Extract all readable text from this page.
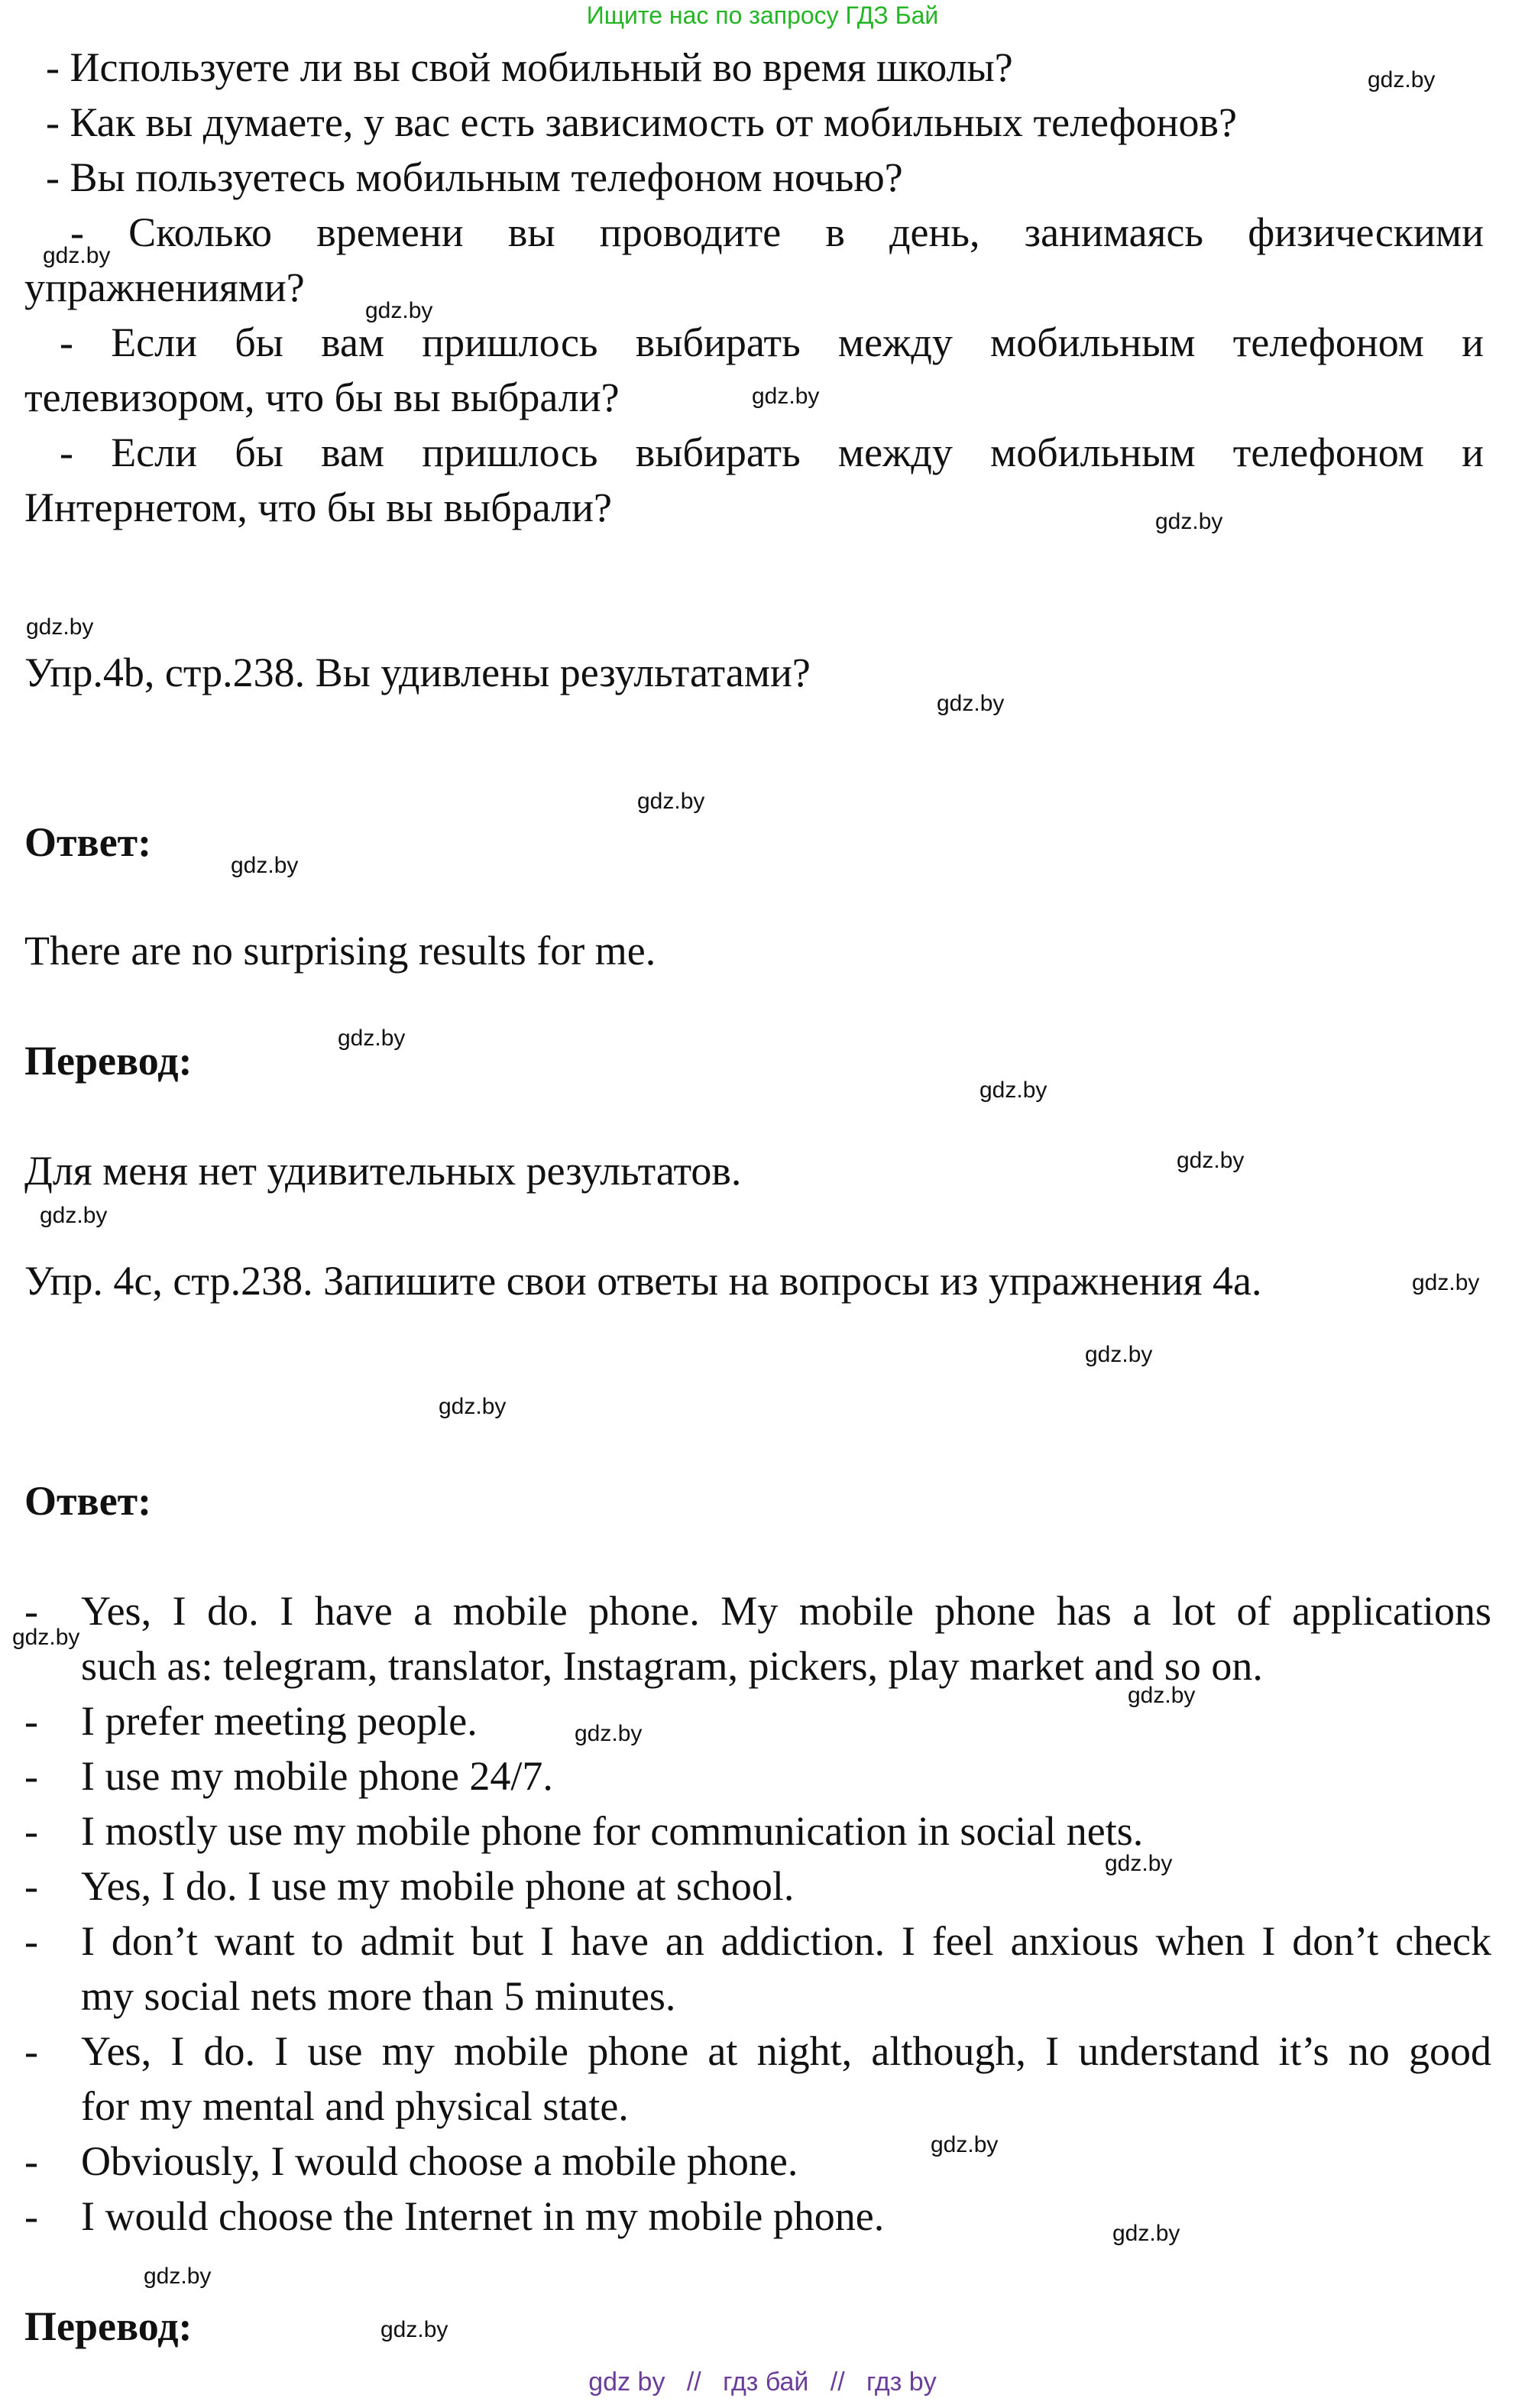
Ищите нас по запросу ГДЗ Бай
- Используете ли вы свой мобильный во время школы?
- Как вы думаете, у вас есть зависимость от мобильных телефонов?
- Вы пользуетесь мобильным телефоном ночью?
- Сколько времени вы проводите в день, занимаясь физическими
упражнениями?
- Если бы вам пришлось выбирать между мобильным телефоном и
телевизором, что бы вы выбрали?
- Если бы вам пришлось выбирать между мобильным телефоном и
Интернетом, что бы вы выбрали?
Упр.4b, стр.238. Вы удивлены результатами?
Ответ:
There are no surprising results for me.
Перевод:
Для меня нет удивительных результатов.
Упр. 4c, стр.238. Запишите свои ответы на вопросы из упражнения 4a.
Ответ:
- Yes, I do. I have a mobile phone. My mobile phone has a lot of applications
such as: telegram, translator, Instagram, pickers, play market and so on.
- I prefer meeting people.
- I use my mobile phone 24/7.
- I mostly use my mobile phone for communication in social nets.
- Yes, I do. I use my mobile phone at school.
- I don’t want to admit but I have an addiction. I feel anxious when I don’t check
my social nets more than 5 minutes.
- Yes, I do. I use my mobile phone at night, although, I understand it’s no good
for my mental and physical state.
- Obviously, I would choose a mobile phone.
- I would choose the Internet in my mobile phone.
Перевод:
gdz.by
gdz.by
gdz.by
gdz.by
gdz.by
gdz.by
gdz.by
gdz.by
gdz.by
gdz.by
gdz.by
gdz.by
gdz.by
gdz.by
gdz.by
gdz.by
gdz.by
gdz.by
gdz.by
gdz.by
gdz.by
gdz.by
gdz.by
gdz.by
gdz by // гдз бай // гдз by
